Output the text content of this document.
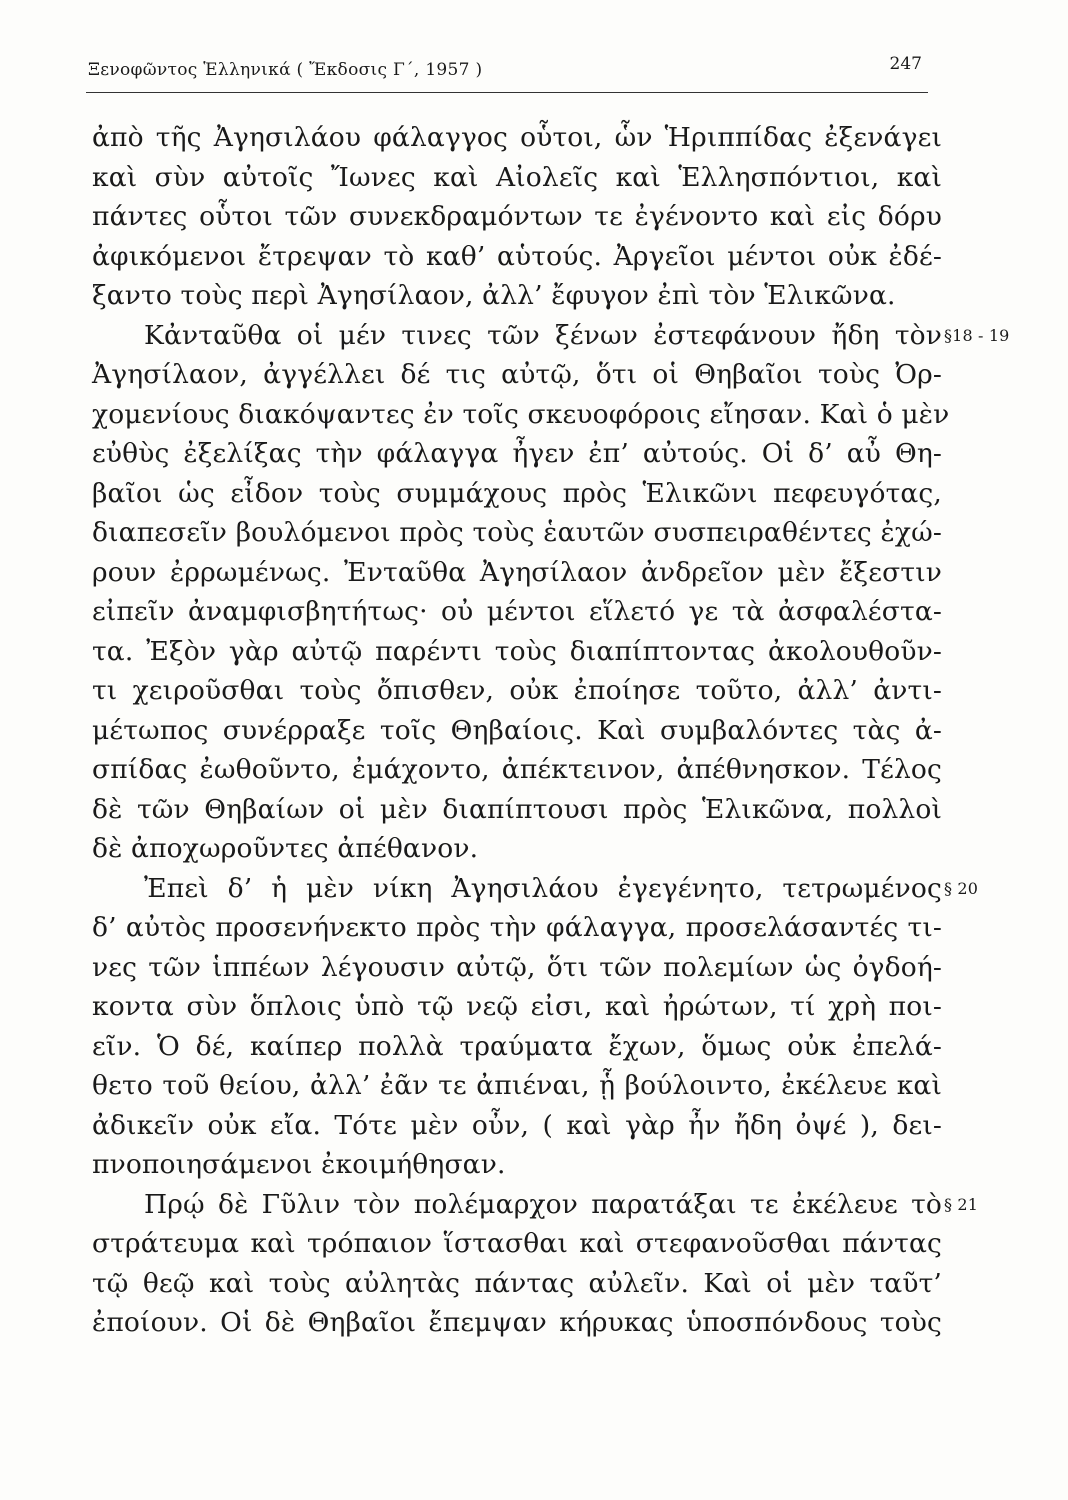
Ξενοφῶντος Ἑλληνικά ( Ἔκδοσις Γ΄, 1957 )	247
ἀπὸ τῆς Ἀγησιλάου φάλαγγος οὗτοι, ὧν Ἡριππίδας ἐξενάγει
καὶ σὺν αὐτοῖς Ἴωνες καὶ Αἰολεῖς καὶ Ἑλλησπόντιοι, καὶ
πάντες οὗτοι τῶν συνεκδραμόντων τε ἐγένοντο καὶ εἰς δόρυ
ἀφικόμενοι ἔτρεψαν τὸ καθ’ αὑτούς. Ἀργεῖοι μέντοι οὐκ ἐδέ-
ξαντο τοὺς περὶ Ἀγησίλαον, ἀλλ’ ἔφυγον ἐπὶ τὸν Ἑλικῶνα.
Κἀνταῦθα οἱ μέν τινες τῶν ξένων ἐστεφάνουν ἤδη τὸν §18 - 19
Ἀγησίλαον, ἀγγέλλει δέ τις αὐτῷ, ὅτι οἱ Θηβαῖοι τοὺς Ὀρ-
χομενίους διακόψαντες ἐν τοῖς σκευοφόροις εἴησαν. Καὶ ὁ μὲν
εὐθὺς ἐξελίξας τὴν φάλαγγα ἦγεν ἐπ’ αὐτούς. Οἱ δ’ αὖ Θη-
βαῖοι ὡς εἶδον τοὺς συμμάχους πρὸς Ἑλικῶνι πεφευγότας,
διαπεσεῖν βουλόμενοι πρὸς τοὺς ἑαυτῶν συσπειραθέντες ἐχώ-
ρουν ἐρρωμένως. Ἐνταῦθα Ἀγησίλαον ἀνδρεῖον μὲν ἔξεστιν
εἰπεῖν ἀναμφισβητήτως· οὐ μέντοι εἵλετό γε τὰ ἀσφαλέστα-
τα. Ἐξὸν γὰρ αὐτῷ παρέντι τοὺς διαπίπτοντας ἀκολουθοῦν-
τι χειροῦσθαι τοὺς ὄπισθεν, οὐκ ἐποίησε τοῦτο, ἀλλ’ ἀντι-
μέτωπος συνέρραξε τοῖς Θηβαίοις. Καὶ συμβαλόντες τὰς ἀ-
σπίδας ἐωθοῦντο, ἐμάχοντο, ἀπέκτεινον, ἀπέθνησκον. Τέλος
δὲ τῶν Θηβαίων οἱ μὲν διαπίπτουσι πρὸς Ἑλικῶνα, πολλοὶ
δὲ ἀποχωροῦντες ἀπέθανον.
Ἐπεὶ δ’ ἡ μὲν νίκη Ἀγησιλάου ἐγεγένητο, τετρωμένος § 20
δ’ αὐτὸς προσενήνεκτο πρὸς τὴν φάλαγγα, προσελάσαντές τι-
νες τῶν ἱππέων λέγουσιν αὐτῷ, ὅτι τῶν πολεμίων ὡς ὀγδοή-
κοντα σὺν ὅπλοις ὑπὸ τῷ νεῷ εἰσι, καὶ ἠρώτων, τί χρὴ ποι-
εῖν. Ὁ δέ, καίπερ πολλὰ τραύματα ἔχων, ὅμως οὐκ ἐπελά-
θετο τοῦ θείου, ἀλλ’ ἐᾶν τε ἀπιέναι, ᾗ βούλοιντο, ἐκέλευε καὶ
ἀδικεῖν οὐκ εἴα. Τότε μὲν οὖν, ( καὶ γὰρ ἦν ἤδη ὀψέ ), δει-
πνοποιησάμενοι ἐκοιμήθησαν.
Πρῴ δὲ Γῦλιν τὸν πολέμαρχον παρατάξαι τε ἐκέλευε τὸ § 21
στράτευμα καὶ τρόπαιον ἵστασθαι καὶ στεφανοῦσθαι πάντας
τῷ θεῷ καὶ τοὺς αὐλητὰς πάντας αὐλεῖν. Καὶ οἱ μὲν ταῦτ’
ἐποίουν. Οἱ δὲ Θηβαῖοι ἔπεμψαν κήρυκας ὑποσπόνδους τοὺς
